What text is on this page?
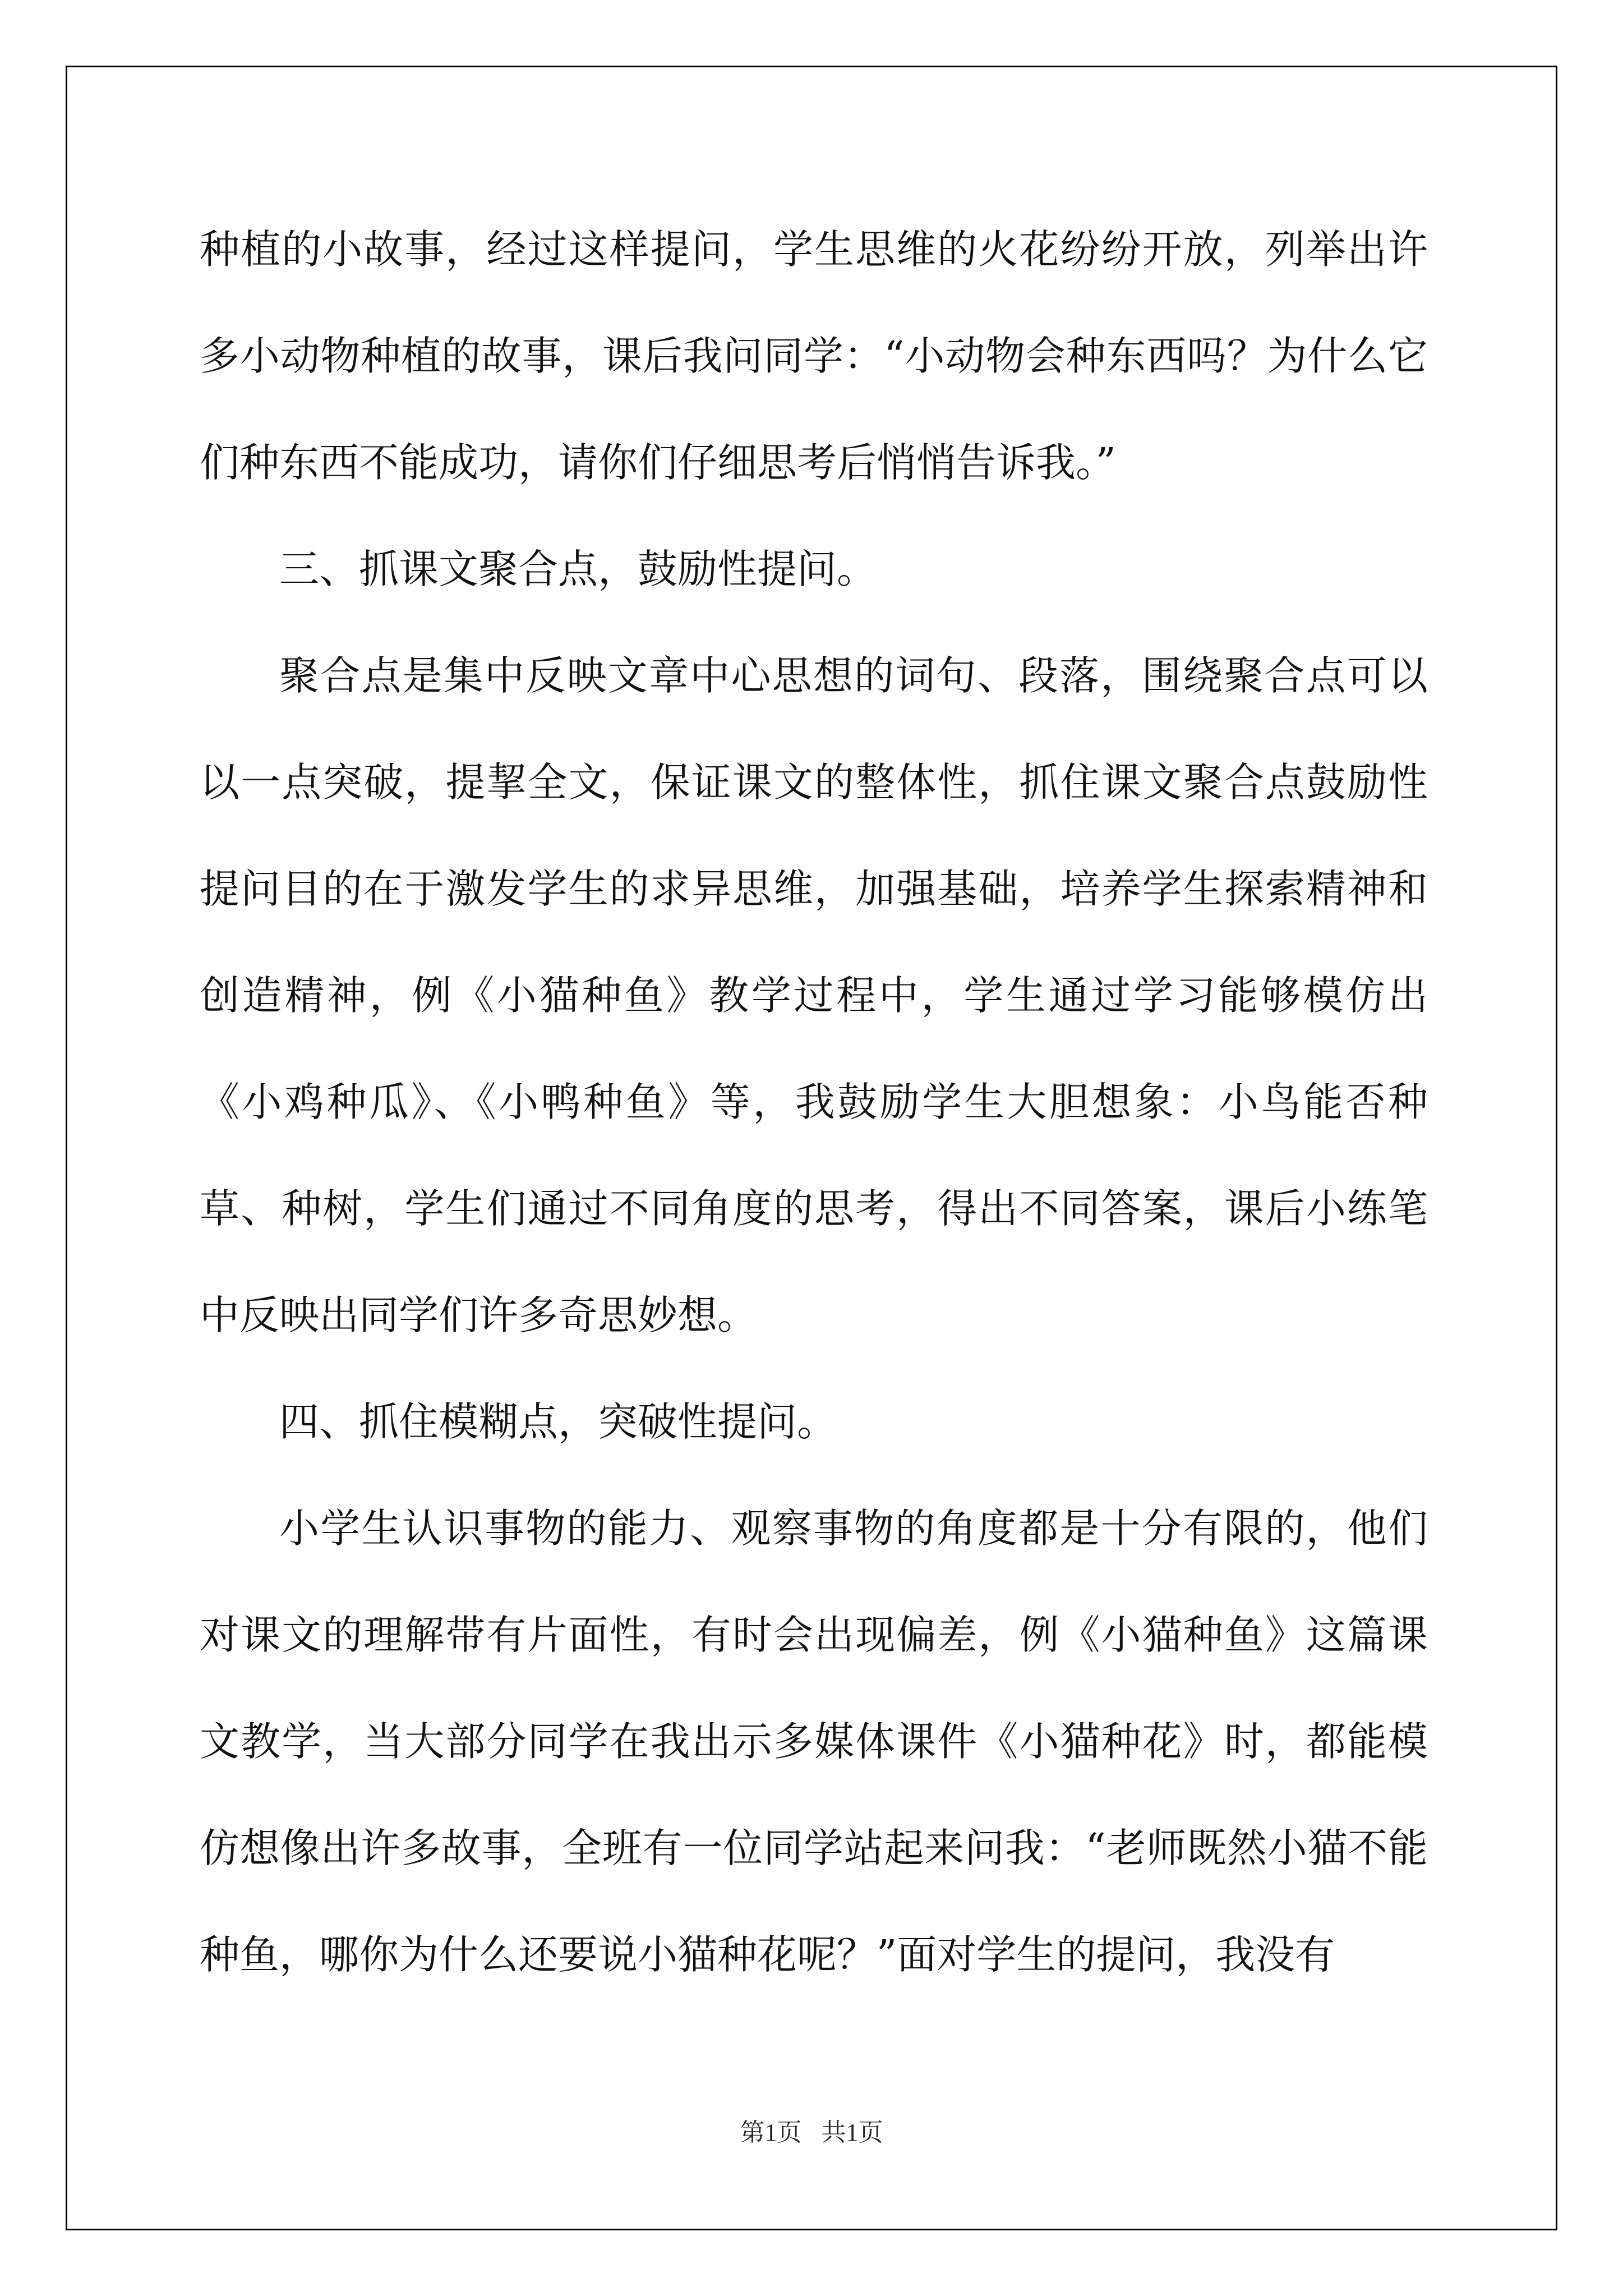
种植的小故事，经过这样提问，学生思维的火花纷纷开放，列举出许多小动物种植的故事，课后我问同学：“小动物会种东西吗？为什么它们种东西不能成功，请你们仔细思考后悄悄告诉我。”

三、抓课文聚合点，鼓励性提问。

聚合点是集中反映文章中心思想的词句、段落，围绕聚合点可以以一点突破，提挈全文，保证课文的整体性，抓住课文聚合点鼓励性提问目的在于激发学生的求异思维，加强基础，培养学生探索精神和创造精神，例《小猫种鱼》教学过程中，学生通过学习能够模仿出《小鸡种瓜》、《小鸭种鱼》等，我鼓励学生大胆想象：小鸟能否种草、种树，学生们通过不同角度的思考，得出不同答案，课后小练笔中反映出同学们许多奇思妙想。

四、抓住模糊点，突破性提问。

小学生认识事物的能力、观察事物的角度都是十分有限的，他们对课文的理解带有片面性，有时会出现偏差，例《小猫种鱼》这篇课文教学，当大部分同学在我出示多媒体课件《小猫种花》时，都能模仿想像出许多故事，全班有一位同学站起来问我：“老师既然小猫不能种鱼，哪你为什么还要说小猫种花呢？”面对学生的提问，我没有

第1页 共1页
